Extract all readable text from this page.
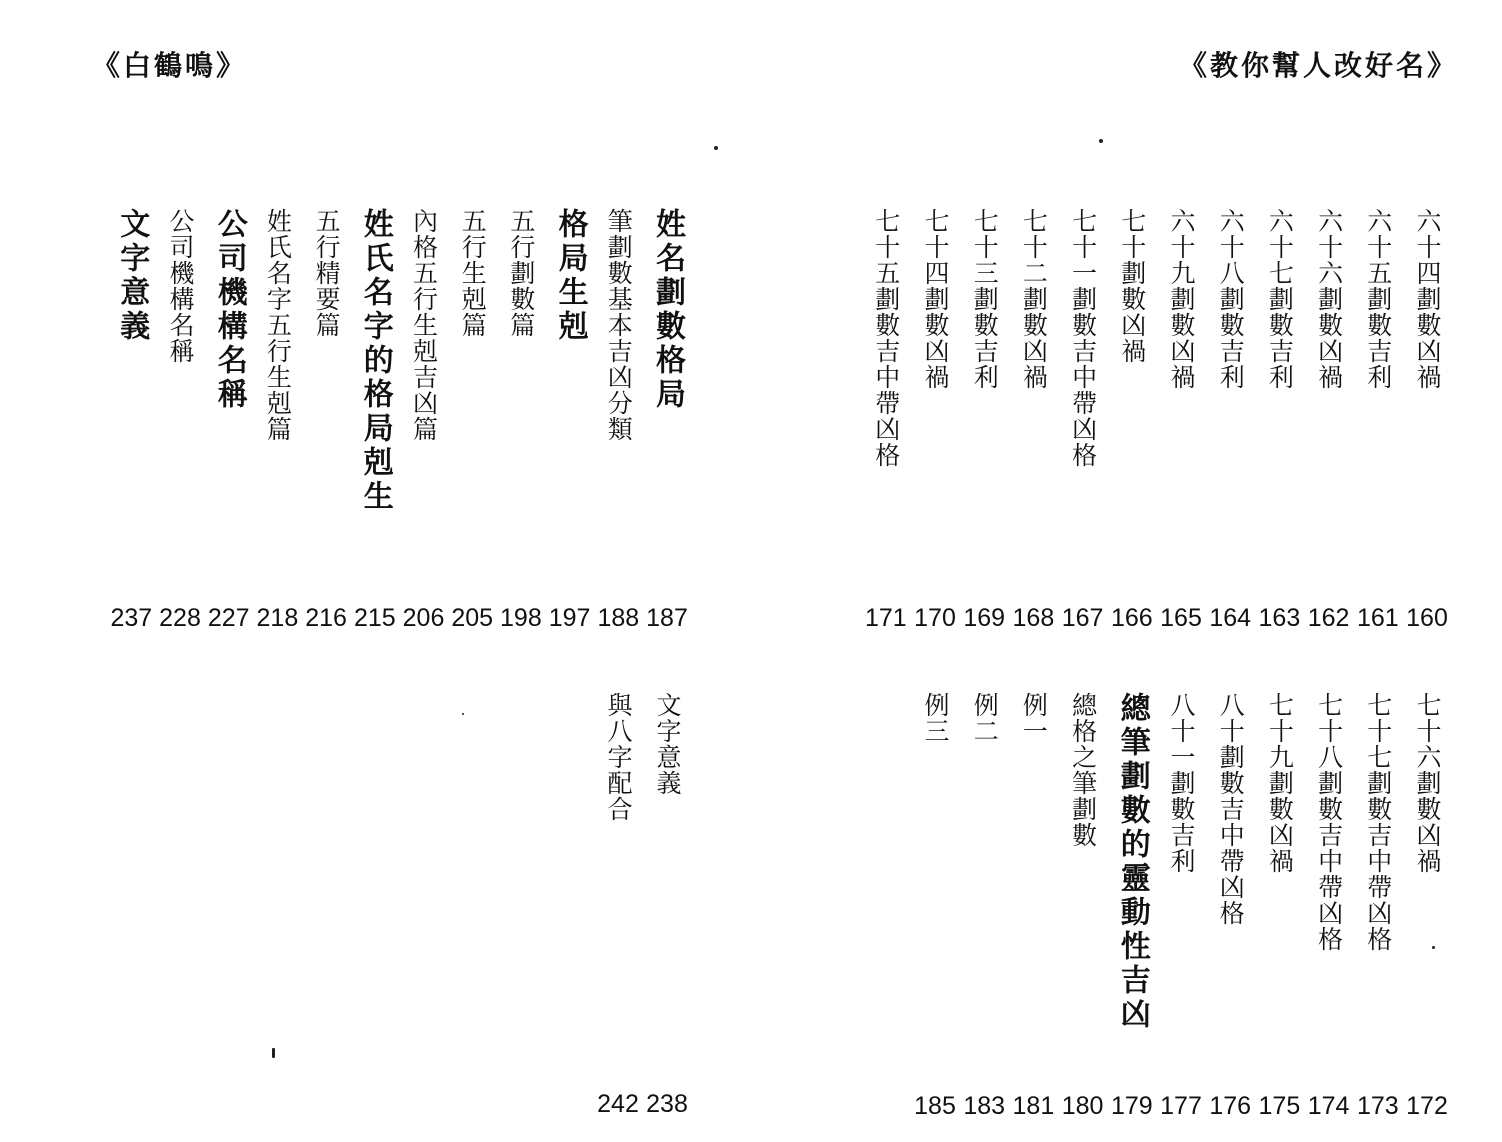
《白鶴鳴》	《教你幫人改好名》
姓名劃數格局
187
筆劃數基本吉凶分類
188
格局生剋
197
五行劃數篇
198
五行生剋篇
205
內格五行生剋吉凶篇
206
姓氏名字的格局剋生
215
五行精要篇
216
姓氏名字五行生剋篇
218
公司機構名稱
227
公司機構名稱
228
文字意義
237
文字意義
238
與八字配合
242
六十四劃數凶禍
160
六十五劃數吉利
161
六十六劃數凶禍
162
六十七劃數吉利
163
六十八劃數吉利
164
六十九劃數凶禍
165
七十劃數凶禍
166
七十一劃數吉中帶凶格
167
七十二劃數凶禍
168
七十三劃數吉利
169
七十四劃數凶禍
170
七十五劃數吉中帶凶格
171
七十六劃數凶禍
172
七十七劃數吉中帶凶格
173
七十八劃數吉中帶凶格
174
七十九劃數凶禍
175
八十劃數吉中帶凶格
176
八十一劃數吉利
177
總筆劃數的靈動性吉凶
179
總格之筆劃數
180
例一
181
例二
183
例三
185
